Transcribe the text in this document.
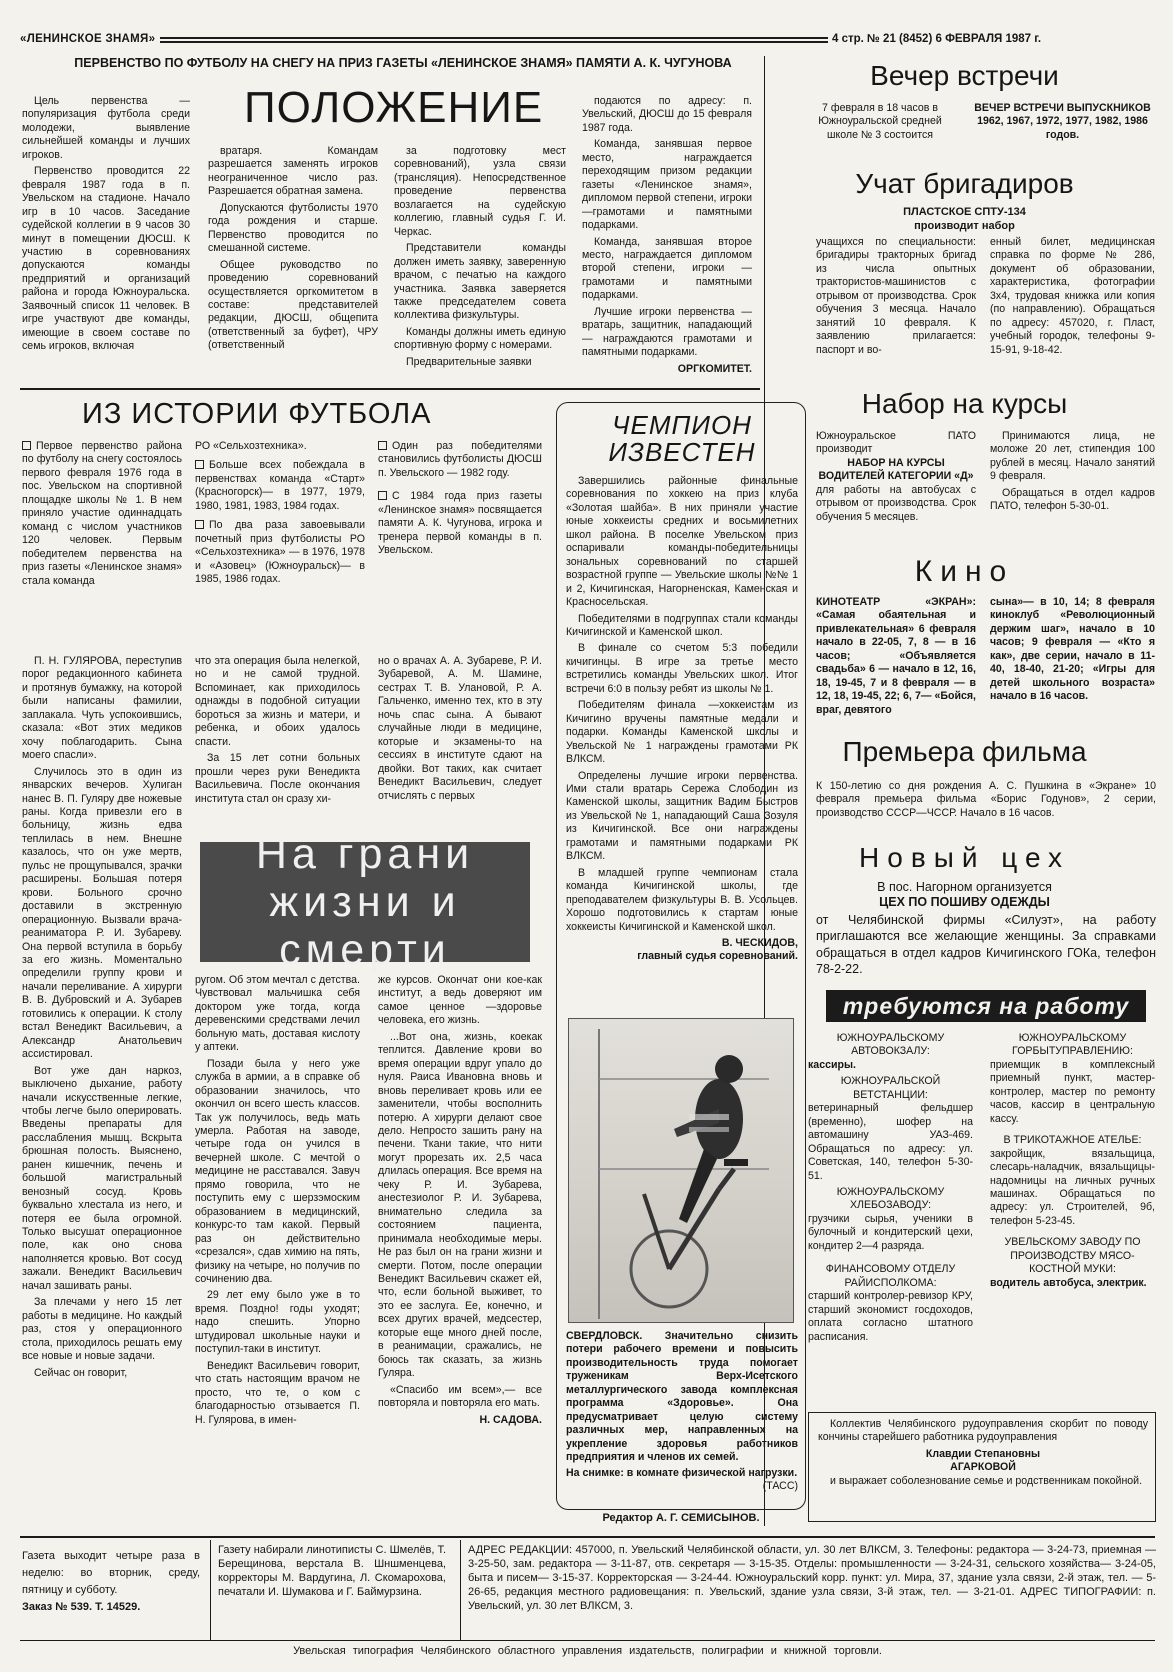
«ЛЕНИНСКОЕ ЗНАМЯ»	4 стр. № 21 (8452) 6 ФЕВРАЛЯ 1987 г.
ПЕРВЕНСТВО ПО ФУТБОЛУ НА СНЕГУ НА ПРИЗ ГАЗЕТЫ «ЛЕНИНСКОЕ ЗНАМЯ» ПАМЯТИ А. К. ЧУГУНОВА
ПОЛОЖЕНИЕ

Цель первенства — популяризация футбола среди молодежи, выявление сильнейшей команды и лучших игроков.

Первенство проводится 22 февраля 1987 года в п. Увельском на стадионе. Начало игр в 10 часов. Заседание судейской коллегии в 9 часов 30 минут в помещении ДЮСШ. К участию в соревнованиях допускаются команды предприятий и организаций района и города Южноуральска. Заявочный список 11 человек. В игре участвуют две команды, имеющие в своем составе по семь игроков, включая

вратаря. Командам разрешается заменять игроков неограниченное число раз. Разрешается обратная замена.

Допускаются футболисты 1970 года рождения и старше. Первенство проводится по смешанной системе.

Общее руководство по проведению соревнований осуществляется оргкомитетом в составе: представителей редакции, ДЮСШ, общепита (ответственный за буфет), ЧРУ (ответственный

за подготовку мест соревнований), узла связи (трансляция). Непосредственное проведение первенства возлагается на судейскую коллегию, главный судья Г. И. Черкас.

Представители команды должен иметь заявку, заверенную врачом, с печатью на каждого участника. Заявка заверяется также председателем совета коллектива физкультуры.

Команды должны иметь единую спортивную форму с номерами.

Предварительные заявки

подаются по адресу: п. Увельский, ДЮСШ до 15 февраля 1987 года.

Команда, занявшая первое место, награждается переходящим призом редакции газеты «Ленинское знамя», дипломом первой степени, игроки —грамотами и памятными подарками.

Команда, занявшая второе место, награждается дипломом второй степени, игроки — грамотами и памятными подарками.

Лучшие игроки первенства — вратарь, защитник, нападающий — награждаются грамотами и памятными подарками.

ОРГКОМИТЕТ.
ИЗ ИСТОРИИ ФУТБОЛА

Первое первенство района по футболу на снегу состоялось первого февраля 1976 года в пос. Увельском на спортивной площадке школы № 1. В нем приняло участие одиннадцать команд с числом участников 120 человек. Первым победителем первенства на приз газеты «Ленинское знамя» стала команда

РО «Сельхозтехника».

Больше всех побеждала в первенствах команда «Старт» (Красногорск)— в 1977, 1979, 1980, 1981, 1983, 1984 годах.

По два раза завоевывали почетный приз футболисты РО «Сельхозтехника» — в 1976, 1978 и «Азовец» (Южноуральск)— в 1985, 1986 годах.

Один раз победителями становились футболисты ДЮСШ п. Увельского — 1982 году.

С 1984 года приз газеты «Ленинское знамя» посвящается памяти А. К. Чугунова, игрока и тренера первой команды в п. Увельском.

П. Н. ГУЛЯРОВА, переступив порог редакционного кабинета и протянув бумажку, на которой были написаны фамилии, заплакала. Чуть успокоившись, сказала: «Вот этих медиков хочу поблагодарить. Сына моего спасли».

Случилось это в один из январских вечеров. Хулиган нанес В. П. Гуляру две ножевые раны. Когда привезли его в больницу, жизнь едва теплилась в нем. Внешне казалось, что он уже мертв, пульс не прощупывался, зрачки расширены. Большая потеря крови. Больного срочно доставили в экстренную операционную. Вызвали врача-реаниматора Р. И. Зубареву. Она первой вступила в борьбу за его жизнь. Моментально определили группу крови и начали переливание. А хирурги В. В. Дубровский и А. Зубарев готовились к операции. К столу встал Венедикт Васильевич, а Александр Анатольевич ассистировал.

Вот уже дан наркоз, выключено дыхание, работу начали искусственные легкие, чтобы легче было оперировать. Введены препараты для расслабления мышц. Вскрыта брюшная полость. Выяснено, ранен кишечник, печень и большой магистральный венозный сосуд. Кровь буквально хлестала из него, и потеря ее была огромной. Только высушат операционное поле, как оно снова наполняется кровью. Вот сосуд зажали. Венедикт Васильевич начал зашивать раны.

За плечами у него 15 лет работы в медицине. Но каждый раз, стоя у операционного стола, приходилось решать ему все новые и новые задачи.

Сейчас он говорит,

что эта операция была нелегкой, но и не самой трудной. Вспоминает, как приходилось однажды в подобной ситуации бороться за жизнь и матери, и ребенка, и обоих удалось спасти.

За 15 лет сотни больных прошли через руки Венедикта Васильевича. После окончания института стал он сразу хи-

но о врачах А. А. Зубареве, Р. И. Зубаревой, А. М. Шамине, сестрах Т. В. Улановой, Р. А. Гальченко, именно тех, кто в эту ночь спас сына. А бывают случайные люди в медицине, которые и экзамены-то на сессиях в институте сдают на двойки. Вот таких, как считает Венедикт Васильевич, следует отчислять с первых

На грани
жизни и смерти

ругом. Об этом мечтал с детства. Чувствовал мальчишка себя доктором уже тогда, когда деревенскими средствами лечил больную мать, доставая кислоту у аптеки.

Позади была у него уже служба в армии, а в справке об образовании значилось, что окончил он всего шесть классов. Так уж получилось, ведь мать умерла. Работая на заводе, четыре года он учился в вечерней школе. С мечтой о медицине не расставался. Завуч прямо говорила, что не поступить ему с шерзэмоским образованием в медицинский, конкурс-то там какой. Первый раз он действительно «срезался», сдав химию на пять, физику на четыре, но получив по сочинению два.

29 лет ему было уже в то время. Поздно! годы уходят; надо спешить. Упорно штудировал школьные науки и поступил-таки в институт.

Венедикт Васильевич говорит, что стать настоящим врачом не просто, что те, о ком с благодарностью отзывается П. Н. Гулярова, в имен-

же курсов. Окончат они кое-как институт, а ведь доверяют им самое ценное —здоровье человека, его жизнь.

...Вот она, жизнь, коекак теплится. Давление крови во время операции вдруг упало до нуля. Раиса Ивановна вновь и вновь переливает кровь или ее заменители, чтобы восполнить потерю. А хирурги делают свое дело. Непросто зашить рану на печени. Ткани такие, что нити могут прорезать их. 2,5 часа длилась операция. Все время на чеку Р. И. Зубарева, анестезиолог Р. И. Зубарева, внимательно следила за состоянием пациента, принимала необходимые меры. Не раз был он на грани жизни и смерти. Потом, после операции Венедикт Васильевич скажет ей, что, если больной выживет, то это ее заслуга. Ее, конечно, и всех других врачей, медсестер, которые еще много дней после, в реанимации, сражались, не боюсь так сказать, за жизнь Гуляра.

«Спасибо им всем»,— все повторяла и повторяла его мать.

Н. САДОВА.
ЧЕМПИОН
ИЗВЕСТЕН

Завершились районные финальные соревнования по хоккею на приз клуба «Золотая шайба». В них приняли участие юные хоккеисты средних и восьмилетних школ района. В поселке Увельском приз оспаривали команды-победительницы зональных соревнований по старшей возрастной группе — Увельские школы №№ 1 и 2, Кичигинская, Нагорненская, Каменская и Красносельская.

Победителями в подгруппах стали команды Кичигинской и Каменской школ.

В финале со счетом 5:3 победили кичигинцы. В игре за третье место встретились команды Увельских школ. Итог встречи 6:0 в пользу ребят из школы № 1.

Победителям финала —хоккеистам из Кичигино вручены памятные медали и подарки. Команды Каменской школы и Увельской № 1 награждены грамотами РК ВЛКСМ.

Определены лучшие игроки первенства. Ими стали вратарь Сережа Слободин из Каменской школы, защитник Вадим Быстров из Увельской № 1, нападающий Саша Зозуля из Кичигинской. Все они награждены грамотами и памятными подарками РК ВЛКСМ.

В младшей группе чемпионам стала команда Кичигинской школы, где преподавателем физкультуры В. В. Усольцев. Хорошо подготовились к стартам юные хоккеисты Кичигинской и Каменской школ.

В. ЧЕСКИДОВ,
главный судья соревнований.
СВЕРДЛОВСК. Значительно снизить потери рабочего времени и повысить производительность труда помогает труженикам Верх-Исетского металлургического завода комплексная программа «Здоровье». Она предусматривает целую систему различных мер, направленных на укрепление здоровья работников предприятия и членов их семей.
На снимке: в комнате физической нагрузки.
(ТАСС)
Редактор А. Г. СЕМИСЫНОВ.
Вечер встречи
7 февраля в 18 часов в Южноуральской средней школе № 3 состоится
ВЕЧЕР ВСТРЕЧИ ВЫПУСКНИКОВ 1962, 1967, 1972, 1977, 1982, 1986 годов.
Учат бригадиров
ПЛАСТСКОЕ СПТУ-134
производит набор
учащихся по специальности: бригадиры тракторных бригад из числа опытных трактористов-машинистов с отрывом от производства. Срок обучения 3 месяца. Начало занятий 10 февраля. К заявлению прилагается: паспорт и во-
енный билет, медицинская справка по форме № 286, документ об образовании, характеристика, фотографии 3х4, трудовая книжка или копия (по направлению). Обращаться по адресу: 457020, г. Пласт, учебный городок, телефоны 9-15-91, 9-18-42.
Набор на курсы
Южноуральское ПАТО производит
НАБОР НА КУРСЫ ВОДИТЕЛЕЙ КАТЕГОРИИ «Д»
для работы на автобусах с отрывом от производства. Срок обучения 5 месяцев.

Принимаются лица, не моложе 20 лет, стипендия 100 рублей в месяц. Начало занятий 9 февраля.

Обращаться в отдел кадров ПАТО, телефон 5-30-01.

Кино
КИНОТЕАТР «ЭКРАН»: «Самая обаятельная и привлекательная» 6 февраля начало в 22-05, 7, 8 — в 16 часов; «Объявляется свадьба» 6 — начало в 12, 16, 18, 19-45, 7 и 8 февраля — в 12, 18, 19-45, 22; 6, 7— «Бойся, враг, девятого
сына»— в 10, 14; 8 февраля киноклуб «Революционный держим шаг», начало в 10 часов; 9 февраля — «Кто я как», две серии, начало в 11-40, 18-40, 21-20; «Игры для детей школьного возраста» начало в 16 часов.
Премьера фильма
К 150-летию со дня рождения А. С. Пушкина в «Экране» 10 февраля премьера фильма «Борис Годунов», 2 серии, производство СССР—ЧССР. Начало в 16 часов.
Новый цех
В пос. Нагорном организуется
ЦЕХ ПО ПОШИВУ ОДЕЖДЫ
от Челябинской фирмы «Силуэт», на работу приглашаются все желающие женщины. За справками обращаться в отдел кадров Кичигинского ГОКа, телефон 78-2-22.
требуются на работу
ЮЖНОУРАЛЬСКОМУ АВТОВОКЗАЛУ:
кассиры.
ЮЖНОУРАЛЬСКОЙ ВЕТСТАНЦИИ:
ветеринарный фельдшер (временно), шофер на автомашину УАЗ-469. Обращаться по адресу: ул. Советская, 140, телефон 5-30-51.
ЮЖНОУРАЛЬСКОМУ ХЛЕБОЗАВОДУ:
грузчики сырья, ученики в булочный и кондитерский цехи, кондитер 2—4 разряда.
ФИНАНСОВОМУ ОТДЕЛУ РАЙИСПОЛКОМА:
старший контролер-ревизор КРУ, старший экономист госдоходов, оплата согласно штатного расписания.
ЮЖНОУРАЛЬСКОМУ ГОРБЫТУПРАВЛЕНИЮ:
приемщик в комплексный приемный пункт, мастер-контролер, мастер по ремонту часов, кассир в центральную кассу.
В ТРИКОТАЖНОЕ АТЕЛЬЕ:
закройщик, вязальщица, слесарь-наладчик, вязальщицы-надомницы на личных ручных машинах. Обращаться по адресу: ул. Строителей, 9б, телефон 5-23-45.
УВЕЛЬСКОМУ ЗАВОДУ ПО ПРОИЗВОДСТВУ МЯСО-КОСТНОЙ МУКИ:
водитель автобуса, электрик.

Коллектив Челябинского рудоуправления скорбит по поводу кончины старейшего работника рудоуправления

Клавдии Степановны
АГАРКОВОЙ

и выражает соболезнование семье и родственникам покойной.

Газета выходит четыре раза в неделю: во вторник, среду, пятницу и субботу.
Заказ № 539. Т. 14529.
Газету набирали линотиписты С. Шмелёв, Т. Берещинова, верстала В. Шншменцева, корректоры М. Вардугина, Л. Скомарохова, печатали И. Шумакова и Г. Баймурзина.
АДРЕС РЕДАКЦИИ: 457000, п. Увельский Челябинской области, ул. 30 лет ВЛКСМ, 3. Телефоны: редактора — 3-24-73, приемная — 3-25-50, зам. редактора — 3-11-87, отв. секретаря — 3-15-35. Отделы: промышленности — 3-24-31, сельского хозяйства— 3-24-05, быта и писем— 3-15-37. Корректорская — 3-24-44. Южноуральский корр. пункт: ул. Мира, 37, здание узла связи, 2-й этаж, тел. — 5-26-65, редакция местного радиовещания: п. Увельский, здание узла связи, 3-й этаж, тел. — 3-21-01. АДРЕС ТИПОГРАФИИ: п. Увельский, ул. 30 лет ВЛКСМ, 3.
Увельская типография Челябинского областного управления издательств, полиграфии и книжной торговли.
